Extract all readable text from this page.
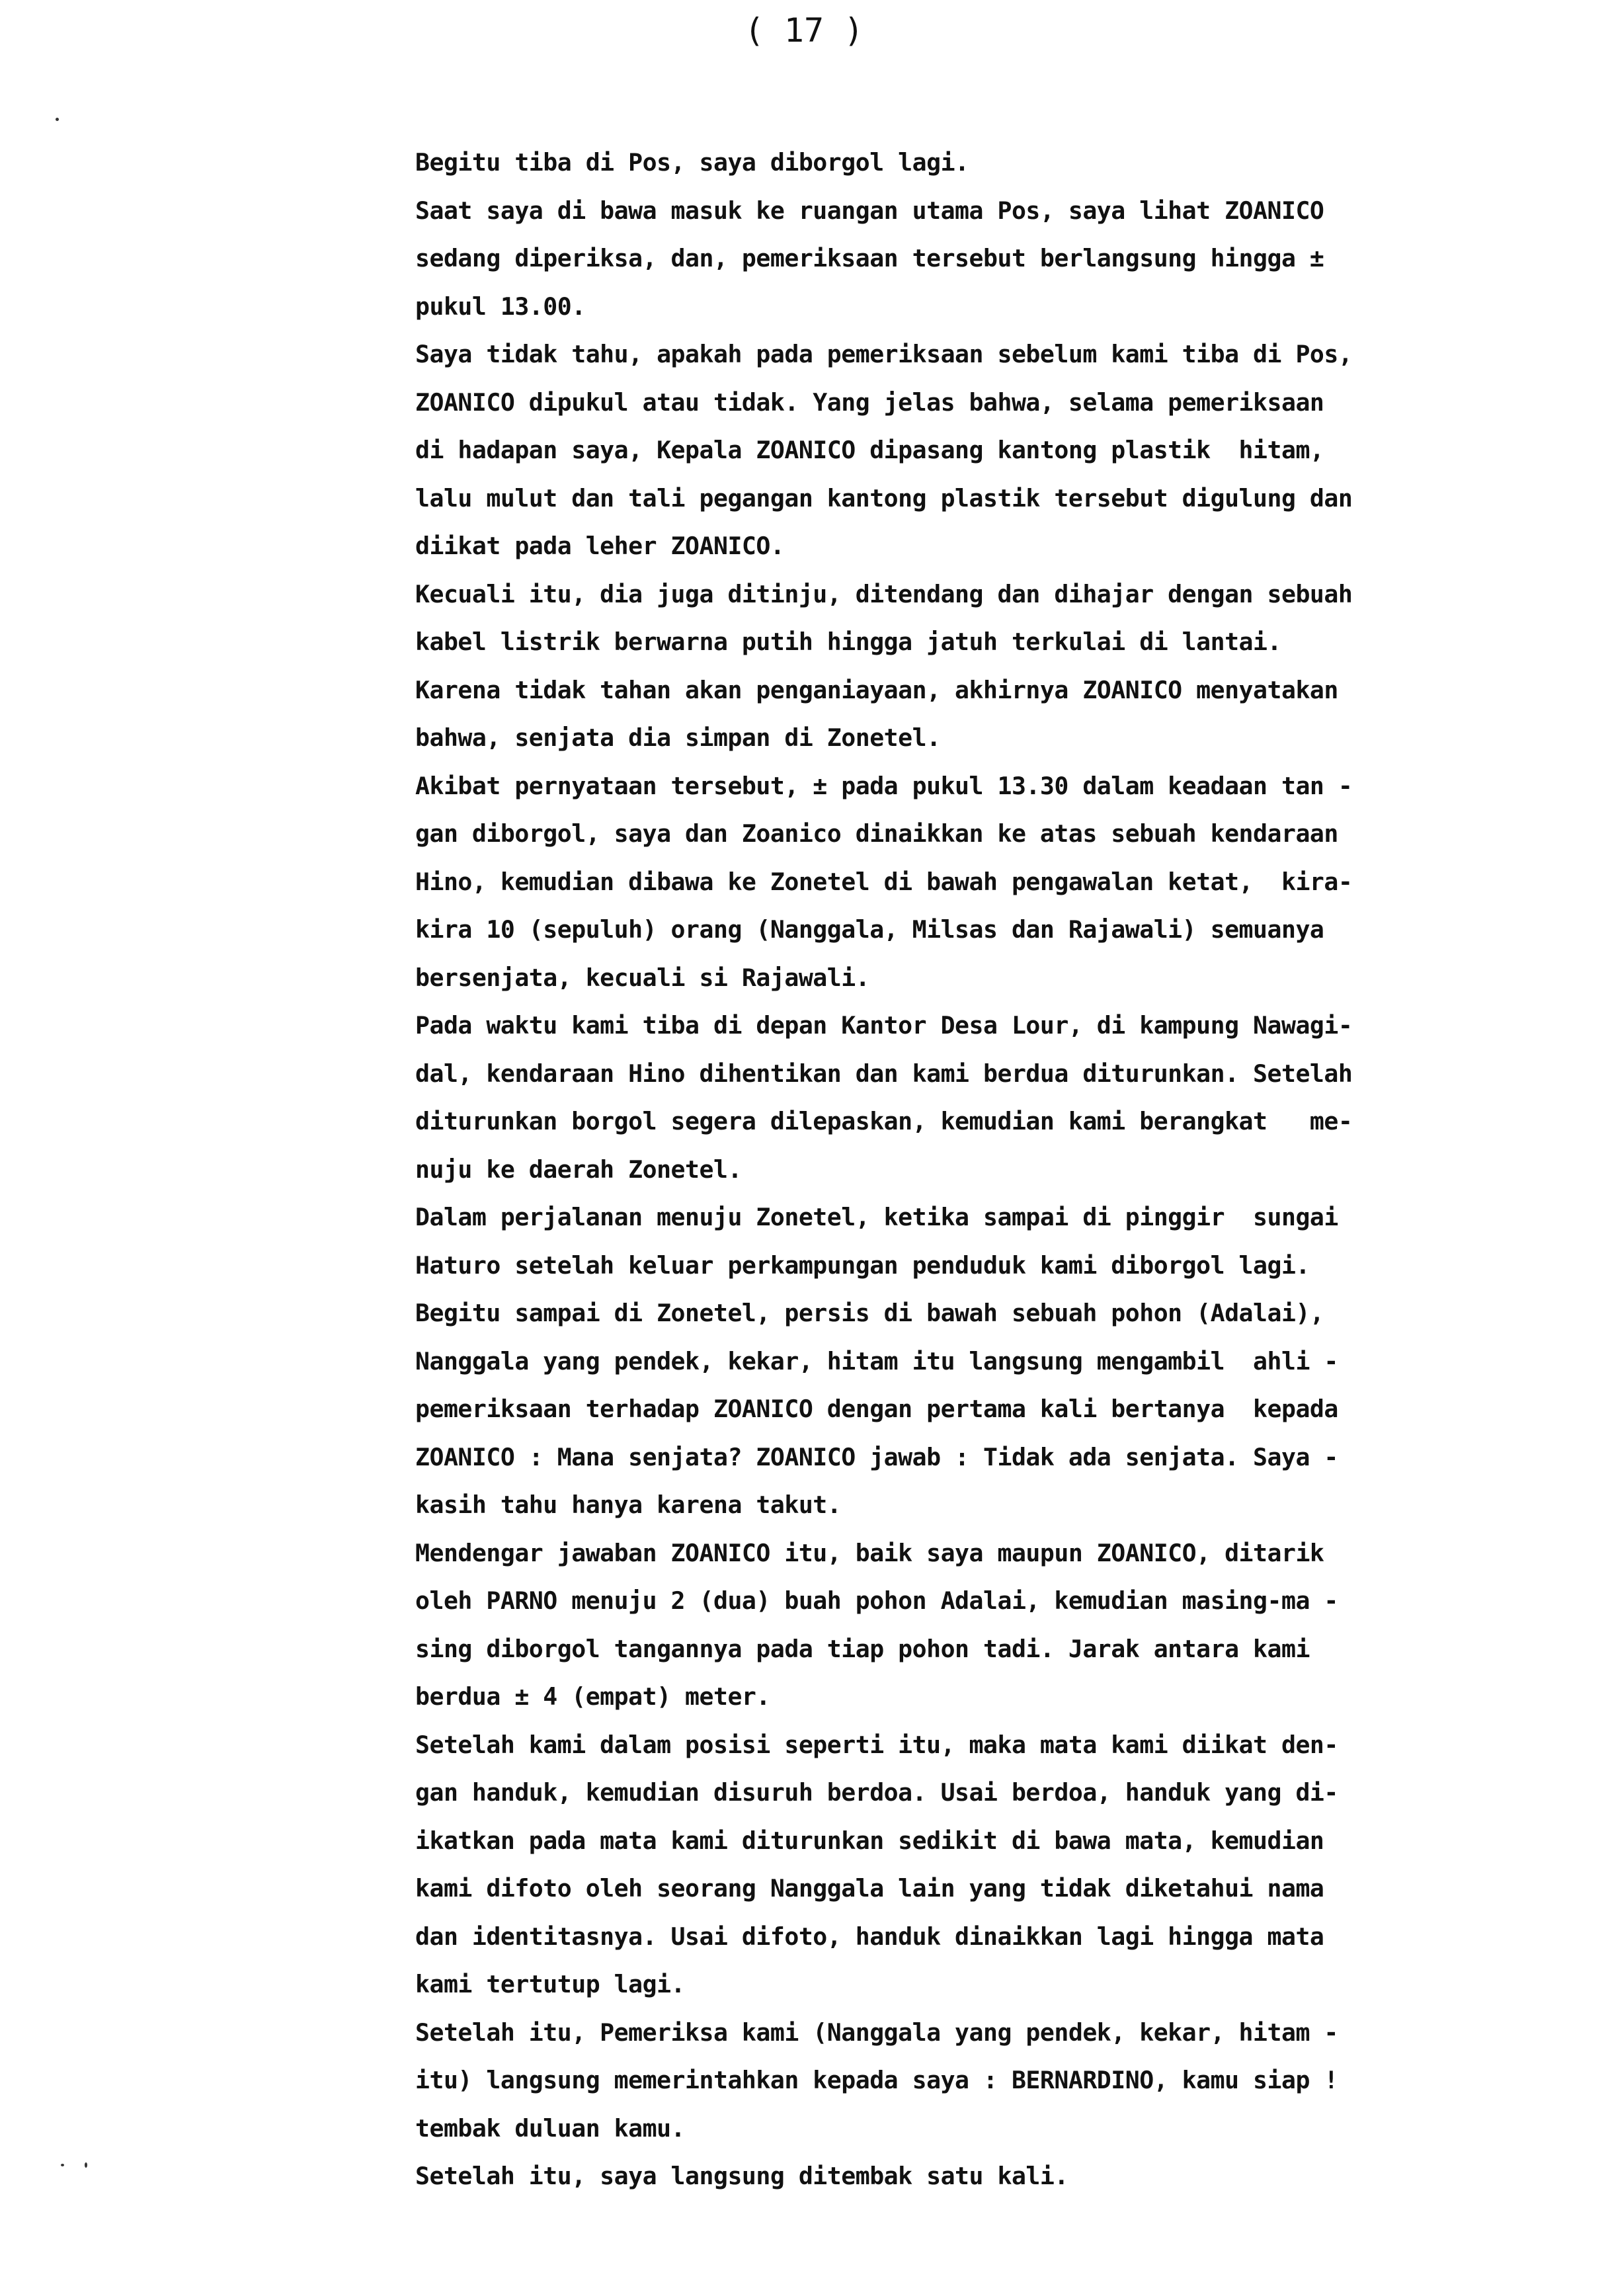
( 17 )
Begitu tiba di Pos, saya diborgol lagi.
Saat saya di bawa masuk ke ruangan utama Pos, saya lihat ZOANICO
sedang diperiksa, dan, pemeriksaan tersebut berlangsung hingga ±
pukul 13.00.
Saya tidak tahu, apakah pada pemeriksaan sebelum kami tiba di Pos,
ZOANICO dipukul atau tidak. Yang jelas bahwa, selama pemeriksaan
di hadapan saya, Kepala ZOANICO dipasang kantong plastik  hitam,
lalu mulut dan tali pegangan kantong plastik tersebut digulung dan
diikat pada leher ZOANICO.
Kecuali itu, dia juga ditinju, ditendang dan dihajar dengan sebuah
kabel listrik berwarna putih hingga jatuh terkulai di lantai.
Karena tidak tahan akan penganiayaan, akhirnya ZOANICO menyatakan
bahwa, senjata dia simpan di Zonetel.
Akibat pernyataan tersebut, ± pada pukul 13.30 dalam keadaan tan -
gan diborgol, saya dan Zoanico dinaikkan ke atas sebuah kendaraan
Hino, kemudian dibawa ke Zonetel di bawah pengawalan ketat,  kira-
kira 10 (sepuluh) orang (Nanggala, Milsas dan Rajawali) semuanya
bersenjata, kecuali si Rajawali.
Pada waktu kami tiba di depan Kantor Desa Lour, di kampung Nawagi-
dal, kendaraan Hino dihentikan dan kami berdua diturunkan. Setelah
diturunkan borgol segera dilepaskan, kemudian kami berangkat   me-
nuju ke daerah Zonetel.
Dalam perjalanan menuju Zonetel, ketika sampai di pinggir  sungai
Haturo setelah keluar perkampungan penduduk kami diborgol lagi.
Begitu sampai di Zonetel, persis di bawah sebuah pohon (Adalai),
Nanggala yang pendek, kekar, hitam itu langsung mengambil  ahli -
pemeriksaan terhadap ZOANICO dengan pertama kali bertanya  kepada
ZOANICO : Mana senjata? ZOANICO jawab : Tidak ada senjata. Saya -
kasih tahu hanya karena takut.
Mendengar jawaban ZOANICO itu, baik saya maupun ZOANICO, ditarik
oleh PARNO menuju 2 (dua) buah pohon Adalai, kemudian masing-ma -
sing diborgol tangannya pada tiap pohon tadi. Jarak antara kami
berdua ± 4 (empat) meter.
Setelah kami dalam posisi seperti itu, maka mata kami diikat den-
gan handuk, kemudian disuruh berdoa. Usai berdoa, handuk yang di-
ikatkan pada mata kami diturunkan sedikit di bawa mata, kemudian
kami difoto oleh seorang Nanggala lain yang tidak diketahui nama
dan identitasnya. Usai difoto, handuk dinaikkan lagi hingga mata
kami tertutup lagi.
Setelah itu, Pemeriksa kami (Nanggala yang pendek, kekar, hitam -
itu) langsung memerintahkan kepada saya : BERNARDINO, kamu siap !
tembak duluan kamu.
Setelah itu, saya langsung ditembak satu kali.
